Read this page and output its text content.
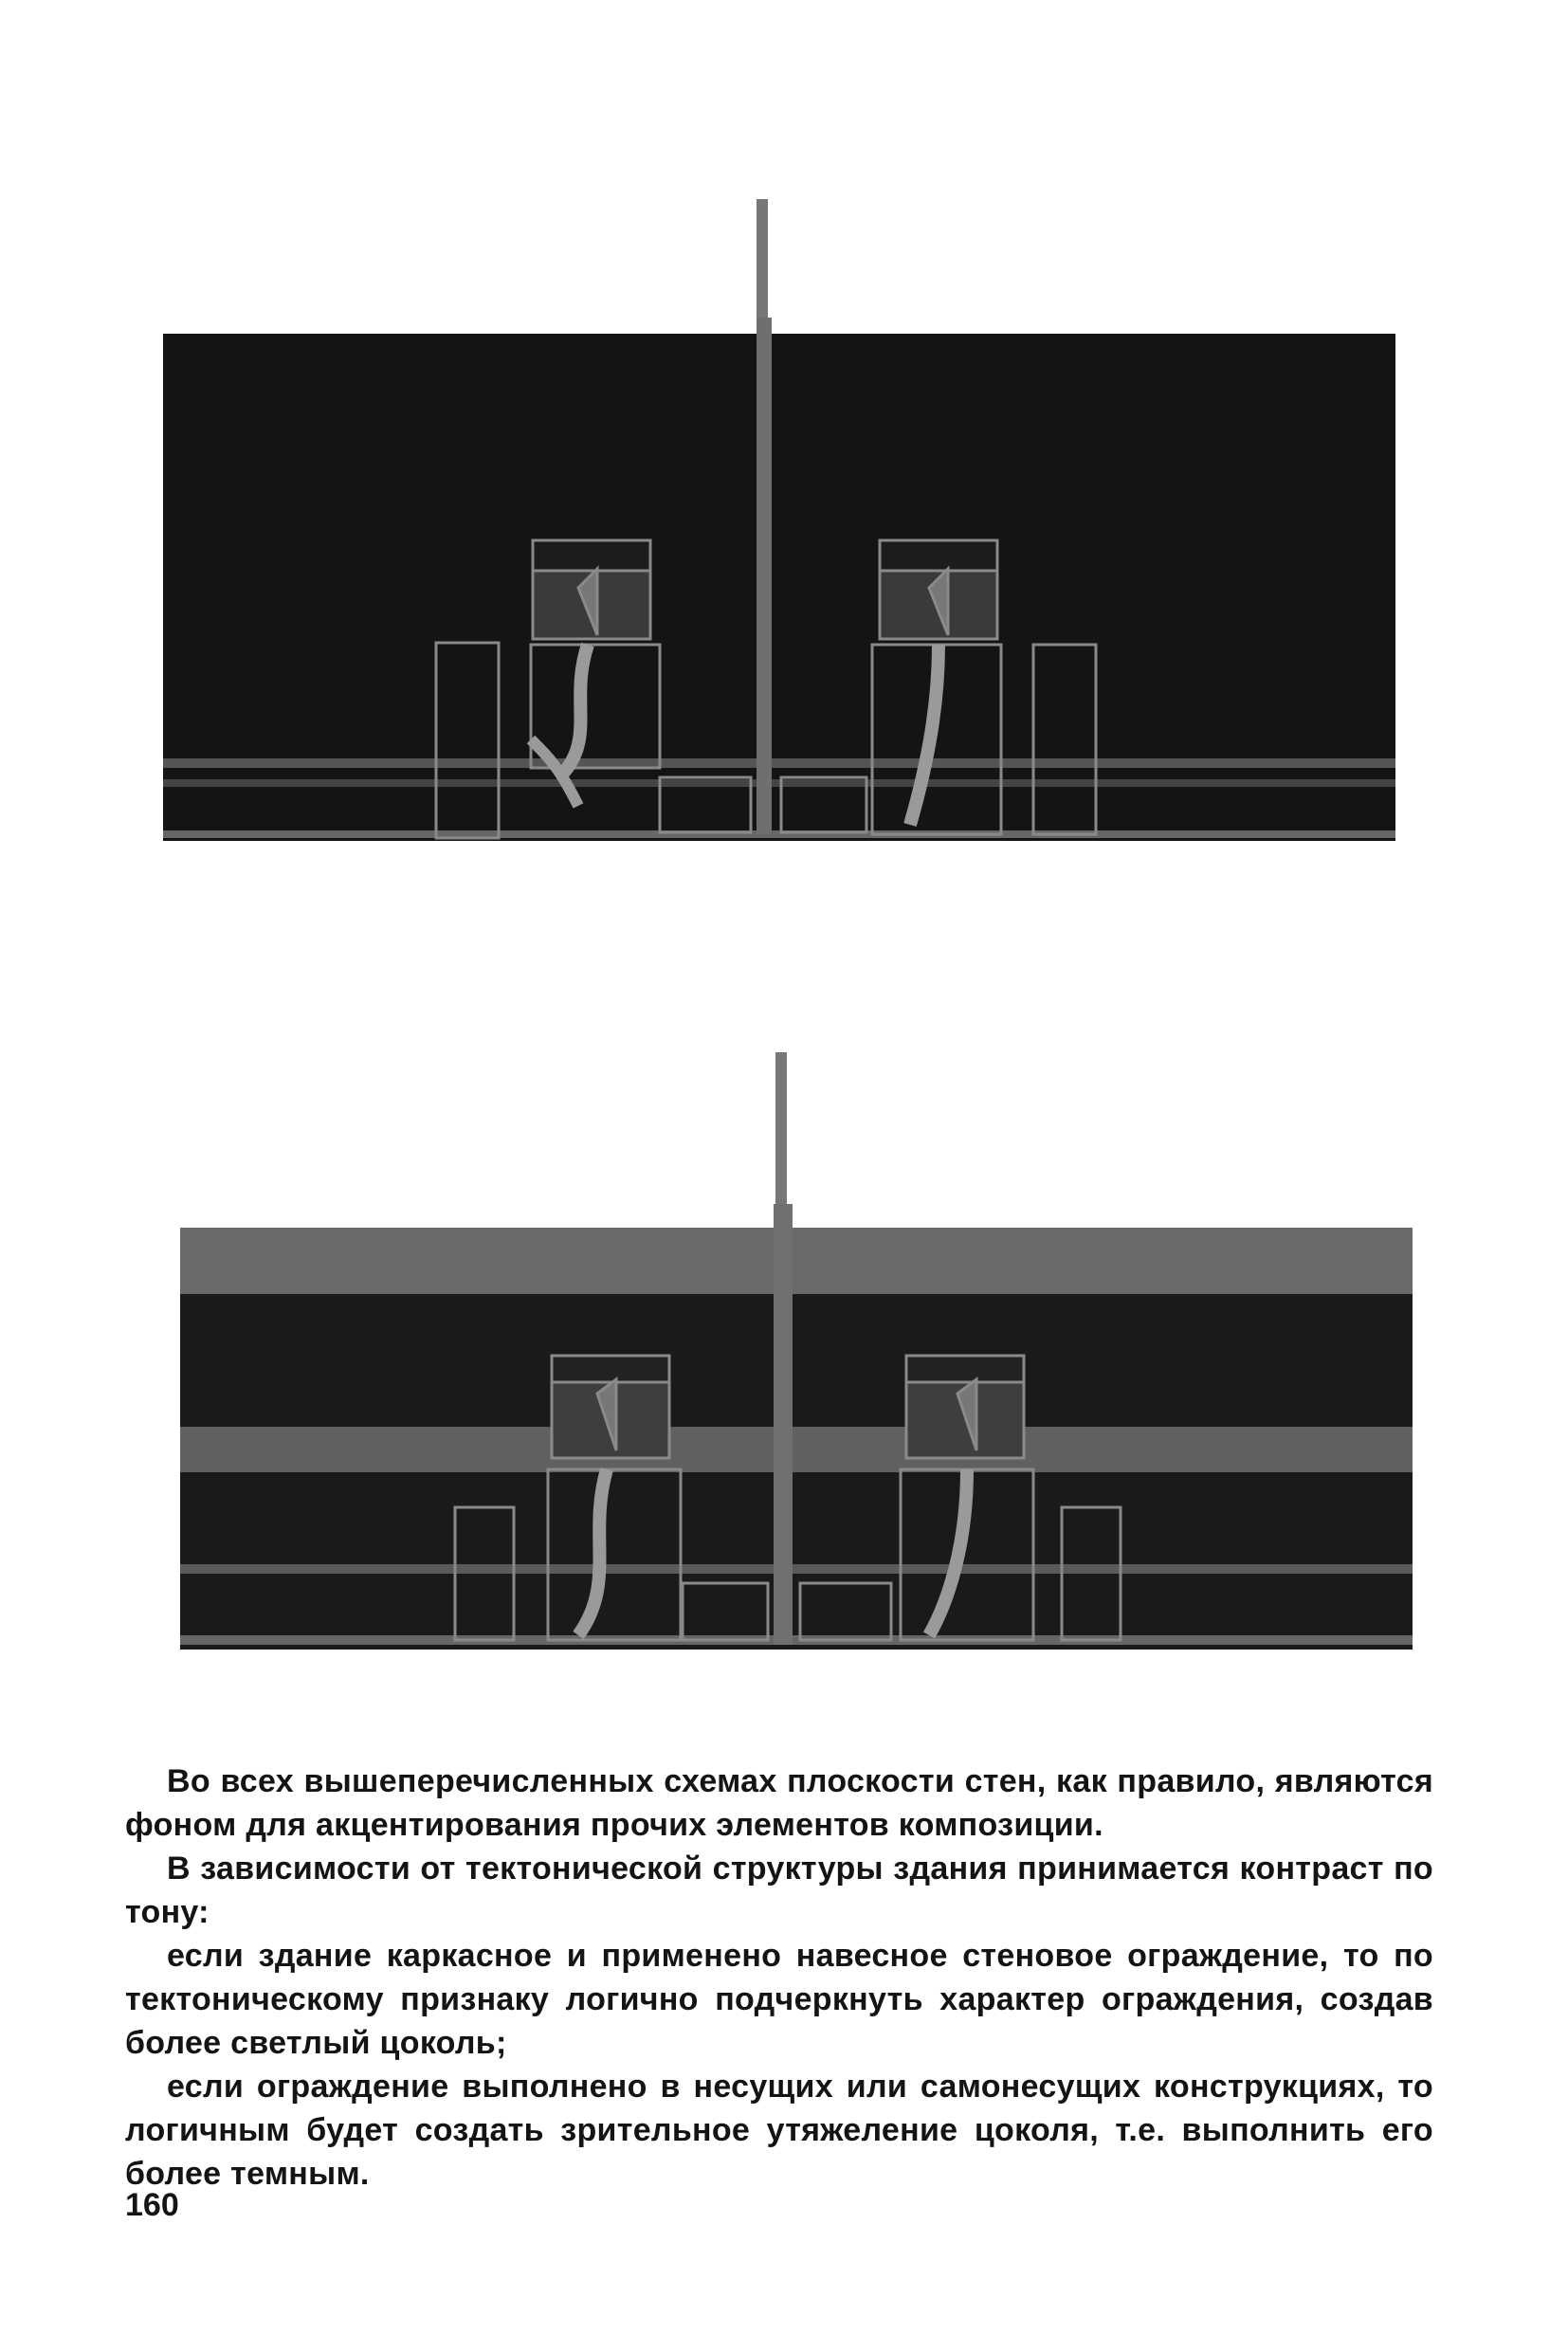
Во всех вышеперечисленных схемах плоскости стен, как правило, являются фоном для акцентирования прочих элементов композиции.

В зависимости от тектонической структуры здания принимается контраст по тону:

если здание каркасное и применено навесное стеновое ограждение, то по тектоническому признаку логично подчеркнуть характер ограждения, создав более светлый цоколь;

если ограждение выполнено в несущих или самонесущих конструкциях, то логичным будет создать зрительное утяжеление цоколя, т.е. выполнить его более темным.

160
